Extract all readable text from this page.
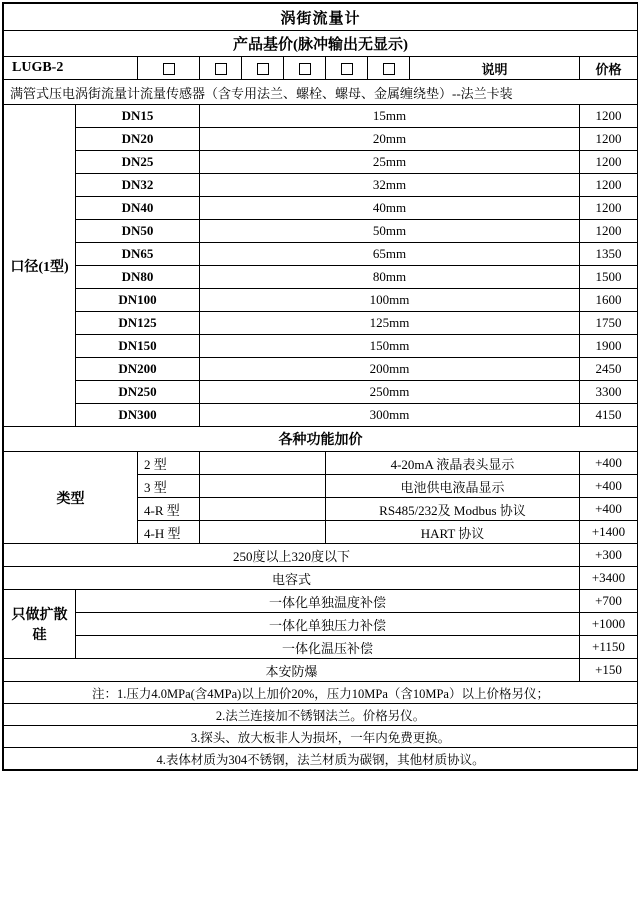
涡街流量计									
产品基价(脉冲输出无显示)									
LUGB-2								说明	价格
满管式压电涡街流量计流量传感器（含专用法兰、螺栓、螺母、金属缠绕垫）--法兰卡装									
口径(1型)	DN15		15mm						1200
	DN20		20mm						1200
	DN25		25mm						1200
	DN32		32mm						1200
	DN40		40mm						1200
	DN50		50mm						1200
	DN65		65mm						1350
	DN80		80mm						1500
	DN100		100mm						1600
	DN125		125mm						1750
	DN150		150mm						1900
	DN200		200mm						2450
	DN250		250mm						3300
	DN300		300mm						4150
各种功能加价									
类型		2 型				4-20mA 液晶表头显示			+400
		3 型				电池供电液晶显示			+400
		4-R 型				RS485/232及 Modbus 协议			+400
		4-H 型				HART 协议			+1400
250度以上320度以下									+300
电容式									+3400
只做扩散硅	一体化单独温度补偿								+700
	一体化单独压力补偿								+1000
	一体化温压补偿								+1150
本安防爆									+150
注：1.压力4.0MPa(含4MPa)以上加价20%，压力10MPa（含10MPa）以上价格另仪；									
2.法兰连接加不锈钢法兰。价格另仪。									
3.探头、放大板非人为损坏，一年内免费更换。									
4.表体材质为304不锈钢，法兰材质为碳钢，其他材质协议。									
